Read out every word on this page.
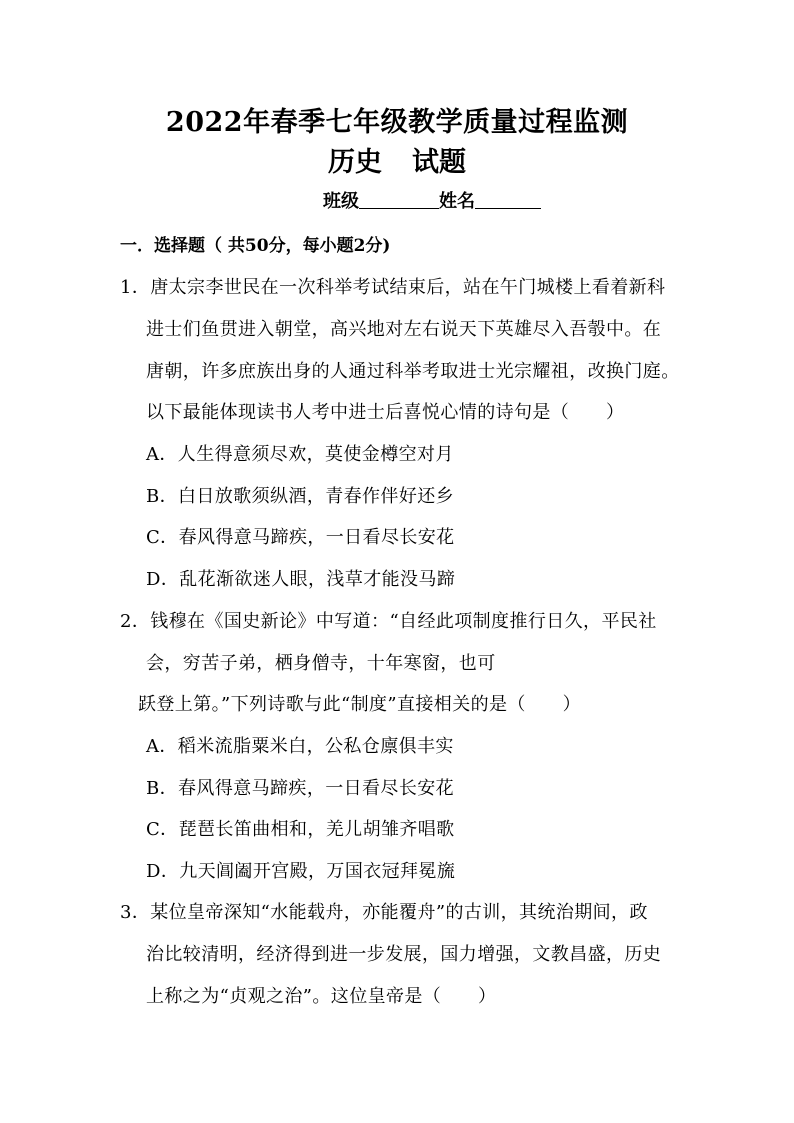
2022年春季七年级教学质量过程监测
历史 试题
班级	姓名
一．选择题（ 共50分，每小题2分)
1．唐太宗李世民在一次科举考试结束后，站在午门城楼上看着新科
进士们鱼贯进入朝堂，高兴地对左右说天下英雄尽入吾彀中。在
唐朝，许多庶族出身的人通过科举考取进士光宗耀祖，改换门庭。
以下最能体现读书人考中进士后喜悦心情的诗句是（　　）
A．人生得意须尽欢，莫使金樽空对月
B．白日放歌须纵酒，青春作伴好还乡
C．春风得意马蹄疾，一日看尽长安花
D．乱花渐欲迷人眼，浅草才能没马蹄
2．钱穆在《国史新论》中写道：“自经此项制度推行日久，平民社
会，穷苦子弟，栖身僧寺，十年寒窗，也可
跃登上第。”下列诗歌与此“制度”直接相关的是（　　）
A．稻米流脂粟米白，公私仓廪俱丰实
B．春风得意马蹄疾，一日看尽长安花
C．琵琶长笛曲相和，羌儿胡雏齐唱歌
D．九天阊阖开宫殿，万国衣冠拜冕旒
3．某位皇帝深知“水能载舟，亦能覆舟”的古训，其统治期间，政
治比较清明，经济得到进一步发展，国力增强，文教昌盛，历史
上称之为“贞观之治”。这位皇帝是（　　）
